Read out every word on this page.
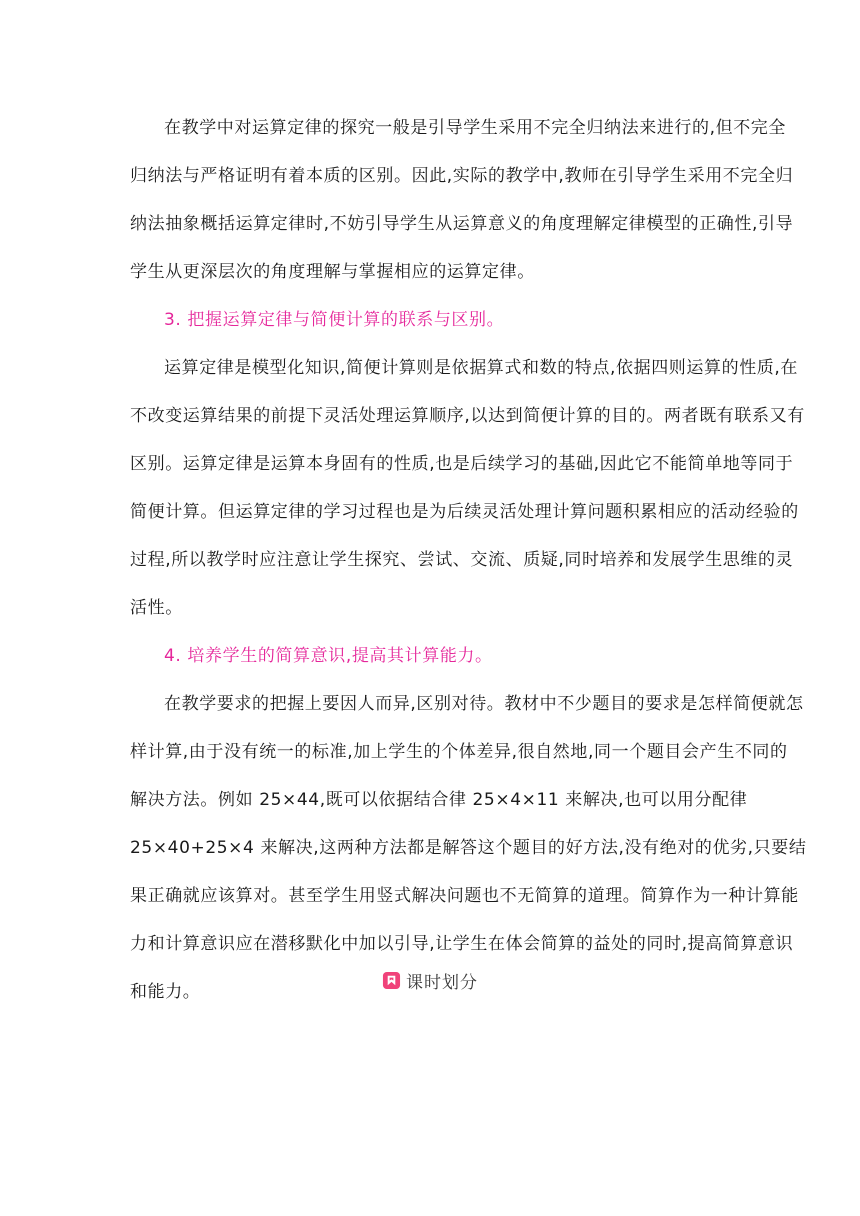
在教学中对运算定律的探究一般是引导学生采用不完全归纳法来进行的,但不完全
归纳法与严格证明有着本质的区别。因此,实际的教学中,教师在引导学生采用不完全归
纳法抽象概括运算定律时,不妨引导学生从运算意义的角度理解定律模型的正确性,引导
学生从更深层次的角度理解与掌握相应的运算定律。
3. 把握运算定律与简便计算的联系与区别。
运算定律是模型化知识,简便计算则是依据算式和数的特点,依据四则运算的性质,在
不改变运算结果的前提下灵活处理运算顺序,以达到简便计算的目的。两者既有联系又有
区别。运算定律是运算本身固有的性质,也是后续学习的基础,因此它不能简单地等同于
简便计算。但运算定律的学习过程也是为后续灵活处理计算问题积累相应的活动经验的
过程,所以教学时应注意让学生探究、尝试、交流、质疑,同时培养和发展学生思维的灵
活性。
4. 培养学生的简算意识,提高其计算能力。
在教学要求的把握上要因人而异,区别对待。教材中不少题目的要求是怎样简便就怎
样计算,由于没有统一的标准,加上学生的个体差异,很自然地,同一个题目会产生不同的
解决方法。例如 25×44,既可以依据结合律 25×4×11 来解决,也可以用分配律
25×40+25×4 来解决,这两种方法都是解答这个题目的好方法,没有绝对的优劣,只要结
果正确就应该算对。甚至学生用竖式解决问题也不无简算的道理。简算作为一种计算能
力和计算意识应在潜移默化中加以引导,让学生在体会简算的益处的同时,提高简算意识
和能力。	课时划分
